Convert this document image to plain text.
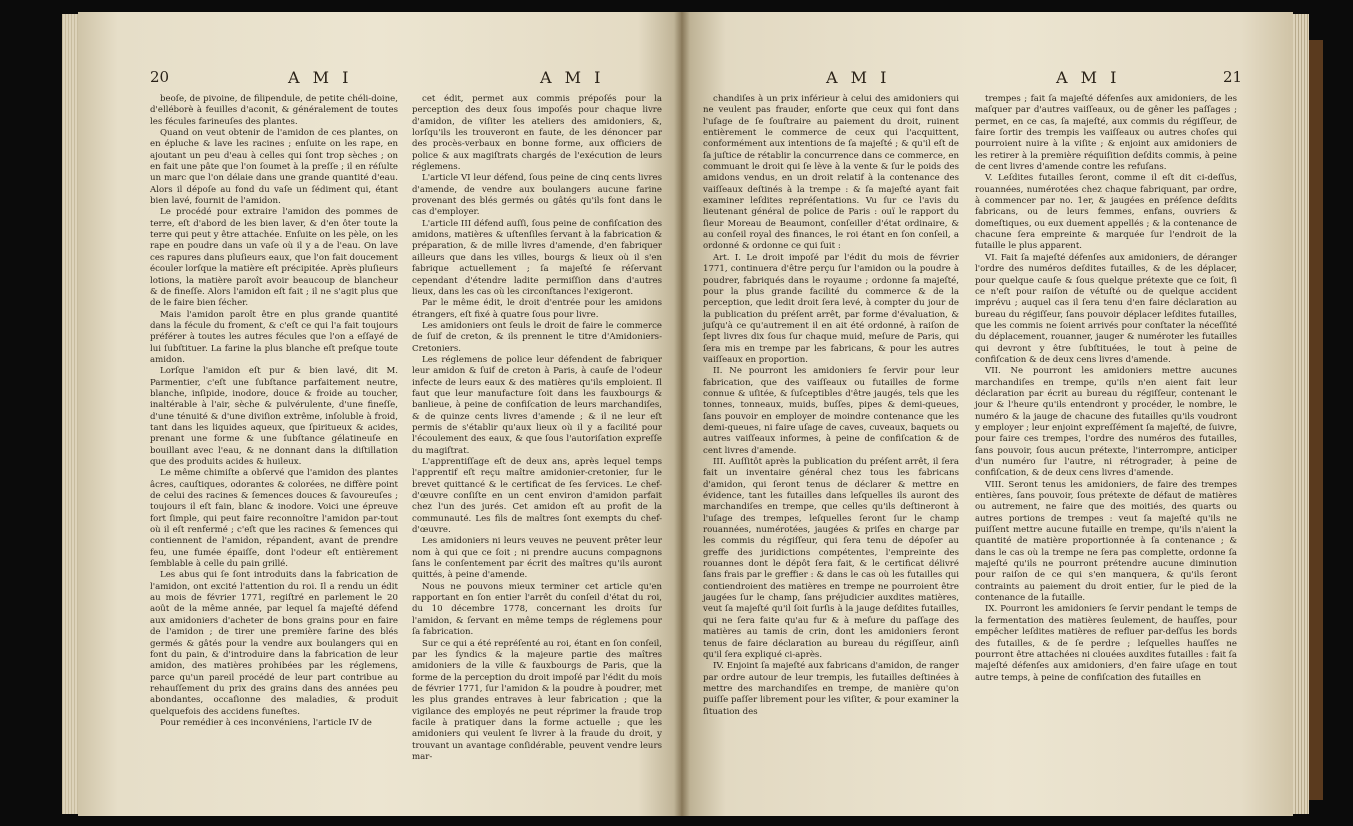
20	A M I	A M I

beoſe, de pivoine, de filipendule, de petite chéli-doine, d'elléborè à feuilles d'aconit, & généralement de toutes les fécules farineuſes des plantes.

Quand on veut obtenir de l'amidon de ces plantes, on en épluche & lave les racines ; enſuite on les rape, en ajoutant un peu d'eau à celles qui ſont trop sèches ; on en fait une pâte que l'on ſoumet à la preſſe ; il en réſulte un marc que l'on délaie dans une grande quantité d'eau. Alors il dépoſe au fond du vaſe un ſédiment qui, étant bien lavé, fournit de l'amidon.

Le procédé pour extraire l'amidon des pommes de terre, eſt d'abord de les bien laver, & d'en ôter toute la terre qui peut y être attachée. Enſuite on les pèle, on les rape en poudre dans un vaſe où il y a de l'eau. On lave ces rapures dans pluſieurs eaux, que l'on fait doucement écouler lorſque la matière eſt précipitée. Après pluſieurs lotions, la matière paroît avoir beaucoup de blancheur & de fineſſe. Alors l'amidon eſt fait ; il ne s'agit plus que de le faire bien ſécher.

Mais l'amidon paroît être en plus grande quantité dans la fécule du froment, & c'eſt ce qui l'a fait toujours préférer à toutes les autres fécules que l'on a eſſayé de lui ſubſtituer. La farine la plus blanche eſt preſque toute amidon.

Lorſque l'amidon eſt pur & bien lavé, dit M. Parmentier, c'eſt une ſubſtance parfaitement neutre, blanche, inſipide, inodore, douce & froide au toucher, inaltérable à l'air, sèche & pulvérulente, d'une fineſſe, d'une ténuité & d'une diviſion extrême, inſoluble à froid, tant dans les liquides aqueux, que ſpiritueux & acides, prenant une forme & une ſubſtance gélatineuſe en bouillant avec l'eau, & ne donnant dans la diſtillation que des produits acides & huileux.

Le même chimiſte a obſervé que l'amidon des plantes âcres, cauſtiques, odorantes & colorées, ne diffère point de celui des racines & ſemences douces & ſavoureuſes ; toujours il eſt fain, blanc & inodore. Voici une épreuve fort ſimple, qui peut faire reconnoître l'amidon par-tout où il eſt renfermé ; c'eſt que les racines & ſemences qui contiennent de l'amidon, répandent, avant de prendre feu, une fumée épaiſſe, dont l'odeur eſt entièrement ſemblable à celle du pain grillé.

Les abus qui ſe ſont introduits dans la fabrication de l'amidon, ont excité l'attention du roi. Il a rendu un édit au mois de février 1771, regiſtré en parlement le 20 août de la même année, par lequel ſa majeſté défend aux amidoniers d'acheter de bons grains pour en faire de l'amidon ; de tirer une première farine des blés germés & gâtés pour la vendre aux boulangers qui en font du pain, & d'introduire dans la fabrication de leur amidon, des matières prohibées par les réglemens, parce qu'un pareil procédé de leur part contribue au rehauſſement du prix des grains dans des années peu abondantes, occaſionne des maladies, & produit quelquefois des accidens funeſtes.

Pour remédier à ces inconvéniens, l'article IV de

cet édit, permet aux commis prépoſés pour la perception des deux ſous impoſés pour chaque livre d'amidon, de viſiter les ateliers des amidoniers, &, lorſqu'ils les trouveront en faute, de les dénoncer par des procès-verbaux en bonne forme, aux officiers de police & aux magiſtrats chargés de l'exécution de leurs réglemens.

L'article VI leur défend, ſous peine de cinq cents livres d'amende, de vendre aux boulangers aucune farine provenant des blés germés ou gâtés qu'ils font dans le cas d'employer.

L'article III défend auſſi, ſous peine de confiſcation des amidons, matières & uſtenſiles ſervant à la fabrication & préparation, & de mille livres d'amende, d'en fabriquer ailleurs que dans les villes, bourgs & lieux où il s'en fabrique actuellement ; ſa majeſté ſe réſervant cependant d'étendre ladite permiſſion dans d'autres lieux, dans les cas où les circonſtances l'exigeront.

Par le même édit, le droit d'entrée pour les amidons étrangers, eſt fixé à quatre ſous pour livre.

Les amidoniers ont ſeuls le droit de faire le commerce de ſuif de creton, & ils prennent le titre d'Amidoniers-Cretoniers.

Les réglemens de police leur défendent de fabriquer leur amidon & ſuif de creton à Paris, à cauſe de l'odeur infecte de leurs eaux & des matières qu'ils emploient. Il faut que leur manufacture ſoit dans les fauxbourgs & banlieue, à peine de confiſcation de leurs marchandiſes, & de quinze cents livres d'amende ; & il ne leur eſt permis de s'établir qu'aux lieux où il y a facilité pour l'écoulement des eaux, & que ſous l'autoriſation expreſſe du magiſtrat.

L'apprentiſſage eſt de deux ans, après lequel temps l'apprentif eſt reçu maître amidonier-cretonier, ſur le brevet quittancé & le certificat de ſes ſervices. Le chef-d'œuvre conſiſte en un cent environ d'amidon parfait chez l'un des jurés. Cet amidon eſt au profit de la communauté. Les fils de maîtres ſont exempts du chef-d'œuvre.

Les amidoniers ni leurs veuves ne peuvent prêter leur nom à qui que ce ſoit ; ni prendre aucuns compagnons ſans le conſentement par écrit des maîtres qu'ils auront quittés, à peine d'amende.

Nous ne pouvons mieux terminer cet article qu'en rapportant en ſon entier l'arrêt du conſeil d'état du roi, du 10 décembre 1778, concernant les droits ſur l'amidon, & ſervant en même temps de réglemens pour ſa fabrication.

Sur ce qui a été repréſenté au roi, étant en ſon conſeil, par les ſyndics & la majeure partie des maîtres amidoniers de la ville & fauxbourgs de Paris, que la forme de la perception du droit impoſé par l'édit du mois de février 1771, ſur l'amidon & la poudre à poudrer, met les plus grandes entraves à leur fabrication ; que la vigilance des employés ne peut réprimer la fraude trop facile à pratiquer dans la forme actuelle ; que les amidoniers qui veulent ſe livrer à la fraude du droit, y trouvant un avantage conſidérable, peuvent vendre leurs mar-

A M I	A M I	21

chandiſes à un prix inférieur à celui des amidoniers qui ne veulent pas frauder, enſorte que ceux qui font dans l'uſage de ſe ſouſtraire au paiement du droit, ruinent entièrement le commerce de ceux qui l'acquittent, conformément aux intentions de ſa majeſté ; & qu'il eſt de ſa juſtice de rétablir la concurrence dans ce commerce, en commuant le droit qui ſe lève à la vente & ſur le poids des amidons vendus, en un droit relatif à la contenance des vaiſſeaux deſtinés à la trempe : & ſa majeſté ayant fait examiner leſdites repréſentations. Vu ſur ce l'avis du lieutenant général de police de Paris : ouï le rapport du ſieur Moreau de Beaumont, conſeiller d'état ordinaire, & au conſeil royal des finances, le roi étant en ſon conſeil, a ordonné & ordonne ce qui ſuit :

Art. I. Le droit impoſé par l'édit du mois de février 1771, continuera d'être perçu ſur l'amidon ou la poudre à poudrer, fabriqués dans le royaume ; ordonne ſa majeſté, pour la plus grande facilité du commerce & de la perception, que ledit droit ſera levé, à compter du jour de la publication du préſent arrêt, par forme d'évaluation, & juſqu'à ce qu'autrement il en ait été ordonné, à raiſon de ſept livres dix ſous ſur chaque muid, meſure de Paris, qui ſera mis en trempe par les fabricans, & pour les autres vaiſſeaux en proportion.

II. Ne pourront les amidoniers ſe ſervir pour leur fabrication, que des vaiſſeaux ou futailles de forme connue & uſitée, & ſuſceptibles d'être jaugés, tels que les tonnes, tonneaux, muids, buſſes, pipes & demi-queues, ſans pouvoir en employer de moindre contenance que les demi-queues, ni faire uſage de caves, cuveaux, baquets ou autres vaiſſeaux informes, à peine de confiſcation & de cent livres d'amende.

III. Auſſitôt après la publication du préſent arrêt, il ſera fait un inventaire général chez tous les fabricans d'amidon, qui ſeront tenus de déclarer & mettre en évidence, tant les futailles dans leſquelles ils auront des marchandiſes en trempe, que celles qu'ils deſtineront à l'uſage des trempes, leſquelles ſeront ſur le champ rouannées, numérotées, jaugées & priſes en charge par les commis du régiſſeur, qui ſera tenu de dépoſer au greffe des juridictions compétentes, l'empreinte des rouannes dont le dépôt ſera fait, & le certificat délivré ſans frais par le greffier : & dans le cas où les futailles qui contiendroient des matières en trempe ne pourroient être jaugées ſur le champ, ſans préjudicier auxdites matières, veut ſa majeſté qu'il ſoit ſurſis à la jauge deſdites futailles, qui ne ſera faite qu'au fur & à meſure du paſſage des matières au tamis de crin, dont les amidoniers ſeront tenus de faire déclaration au bureau du régiſſeur, ainſi qu'il ſera expliqué ci-après.

IV. Enjoint ſa majeſté aux fabricans d'amidon, de ranger par ordre autour de leur trempis, les futailles deſtinées à mettre des marchandiſes en trempe, de manière qu'on puiſſe paſſer librement pour les viſiter, & pour examiner la ſituation des

trempes ; fait ſa majeſté défenſes aux amidoniers, de les maſquer par d'autres vaiſſeaux, ou de gêner les paſſages ; permet, en ce cas, ſa majeſté, aux commis du régiſſeur, de faire ſortir des trempis les vaiſſeaux ou autres choſes qui pourroient nuire à la viſite ; & enjoint aux amidoniers de les retirer à la première réquiſition deſdits commis, à peine de cent livres d'amende contre les refuſans.

V. Leſdites futailles ſeront, comme il eſt dit ci-deſſus, rouannées, numérotées chez chaque fabriquant, par ordre, à commencer par no. 1er, & jaugées en préſence deſdits fabricans, ou de leurs femmes, enfans, ouvriers & domeſtiques, ou eux duement appellés ; & la contenance de chacune ſera empreinte & marquée ſur l'endroit de la futaille le plus apparent.

VI. Fait ſa majeſté défenſes aux amidoniers, de déranger l'ordre des numéros deſdites futailles, & de les déplacer, pour quelque cauſe & ſous quelque prétexte que ce ſoit, ſi ce n'eſt pour raiſon de vétuſté ou de quelque accident imprévu ; auquel cas il ſera tenu d'en faire déclaration au bureau du régiſſeur, ſans pouvoir déplacer leſdites futailles, que les commis ne ſoient arrivés pour conſtater la néceſſité du déplacement, rouanner, jauger & numéroter les futailles qui devront y être ſubſtituées, le tout à peine de confiſcation & de deux cens livres d'amende.

VII. Ne pourront les amidoniers mettre aucunes marchandiſes en trempe, qu'ils n'en aient fait leur déclaration par écrit au bureau du régiſſeur, contenant le jour & l'heure qu'ils entendront y procéder, le nombre, le numéro & la jauge de chacune des futailles qu'ils voudront y employer ; leur enjoint expreſſément ſa majeſté, de ſuivre, pour faire ces trempes, l'ordre des numéros des futailles, ſans pouvoir, ſous aucun prétexte, l'interrompre, anticiper d'un numéro ſur l'autre, ni rétrograder, à peine de confiſcation, & de deux cens livres d'amende.

VIII. Seront tenus les amidoniers, de faire des trempes entières, ſans pouvoir, ſous prétexte de défaut de matières ou autrement, ne faire que des moitiés, des quarts ou autres portions de trempes : veut ſa majeſté qu'ils ne puiſſent mettre aucune futaille en trempe, qu'ils n'aient la quantité de matière proportionnée à ſa contenance ; & dans le cas où la trempe ne ſera pas complette, ordonne ſa majeſté qu'ils ne pourront prétendre aucune diminution pour raiſon de ce qui s'en manquera, & qu'ils ſeront contraints au paiement du droit entier, ſur le pied de la contenance de la futaille.

IX. Pourront les amidoniers ſe ſervir pendant le temps de la fermentation des matières ſeulement, de hauſſes, pour empêcher leſdites matières de refluer par-deſſus les bords des futailles, & de ſe perdre ; leſquelles hauſſes ne pourront être attachées ni clouées auxdites futailles : fait ſa majeſté défenſes aux amidoniers, d'en faire uſage en tout autre temps, à peine de confiſcation des futailles en
